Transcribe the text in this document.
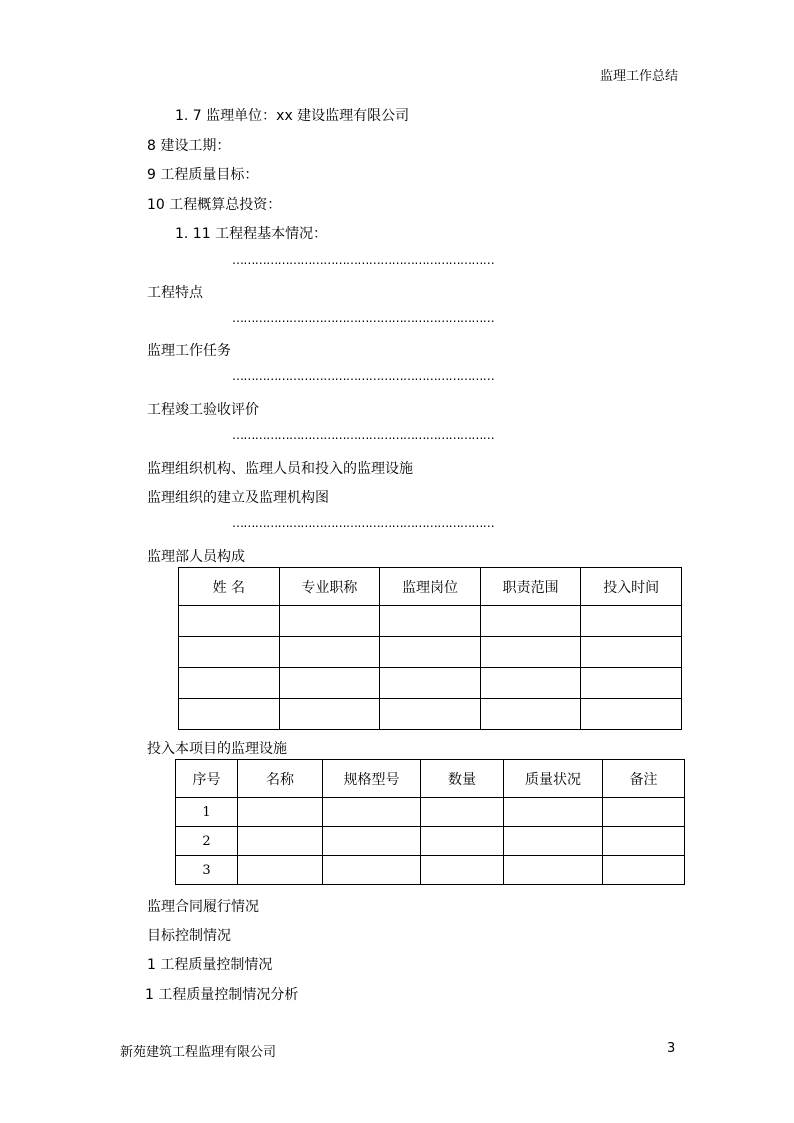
监理工作总结
1. 7 监理单位：xx 建设监理有限公司
8 建设工期：
9 工程质量目标：
10 工程概算总投资：
1. 11 工程程基本情况：
……………………………………………………………
工程特点
……………………………………………………………
监理工作任务
……………………………………………………………
工程竣工验收评价
……………………………………………………………
监理组织机构、监理人员和投入的监理设施
监理组织的建立及监理机构图
……………………………………………………………
监理部人员构成
姓 名	专业职称	监理岗位	职责范围	投入时间

投入本项目的监理设施
序号	名称	规格型号	数量	质量状况	备注
1					
2					
3					
监理合同履行情况
目标控制情况
1 工程质量控制情况
1 工程质量控制情况分析
新苑建筑工程监理有限公司	3
